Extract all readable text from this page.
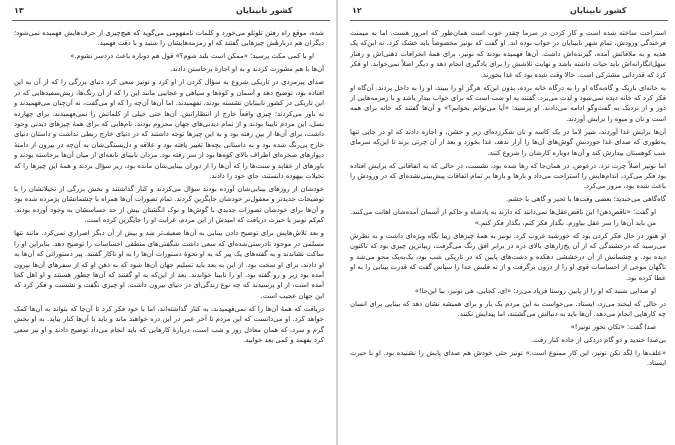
۱۳	کشور نابینایان

شده، موقع راه رفتن تلوتلو می‌خورد و کلمات نامفهومی می‌گوید که هیچ‌چیزی از حرف‌هایش فهمیده نمی‌شود؛ دیگران هم دربارهٔش چیزهایی گفتند که او زمزمه‌هایشان را شنید و با دقت فهمید.

او با کمی مکث پرسید: «ممکن است بلند شوم؟» قول هم دوباره باعث دردسر نشوم.»

آن‌ها با هم مشورت کردند و به او اجازهٔ برخاستن دادند.

صدای پیرمردی در تاریکی شروع به سؤال کردن از او کرد و نونیز سعی کرد دنیای بزرگی را که از آن به این افتاده بود، توضیح دهد و آسمان و کوه‌ها و سیاهی و عجایبی مانند این را که از آن رنگ‌ها، ریش‌سفیدهایی که در این تاریکی در کشور نابینایان نشسته بودند، نفهمیدند. اما آن‌ها آن‌چه را که او می‌گفت، نه آن‌چنان می‌فهمیدند و نه باور می‌کردند؛ چیزی واقعاً خارج از انتظاراتش. آن‌ها حتی خیلی از کلماتش را نمی‌فهمیدند. برای چهارده نسل، این مردم نابینا بودند و از تمام دیدنی‌های جهان محروم بودند. نام‌هایی که برای همهٔ چیزهای دیدنی وجود داشت، برای آن‌ها از بین رفته بود و به این چیزها توجه داشتند که در دنیای خارج ربطی نداشت و داستان دنیای خارج پی‌رنگ شده بود و به داستانی بچه‌ها تغییر یافته بود و علاقه و دل‌بستگی‌شان به آن‌چه در بیرون از دامنهٔ دیوارهای صخره‌ای اطراف بالای کوه‌ها بود از سر رفته بود. مردان نابینای نابغه‌ای از میان آن‌ها برخاسته بودند و باورهای از عقاید و سنت‌ها را که آن‌ها را از دوران بینایی‌شان مانده بود، زیر سؤال بردند و همهٔ این چیزها را که تخیلات بیهوده دانستند، جای خود را دادند.

خودشان از روزهای بینایی‌شان آورده بودند سؤال می‌کردند و کنار گذاشتند و بخش بزرگی از تخیلاتشان را با توضیحات جدیدتر و معقول‌تر خودشان جایگزین کردند. تمام تصورات آن‌ها همراه با چشمانشان پژمرده شده بود و آن‌ها برای خودشان تصورات جدیدی با گوش‌ها و نوک انگشتان بیش از حد حساسشان به وجود آورده بودند. کم‌کم نونیز با حیرت دریافت که امیدش از این مردم، غرابت او را جایگزین کرده است.

و بعد تلاش‌هایش برای توضیح دادن بینایی به آن‌ها ضعیف‌تر شد و بیش از آن دیگر اصراری نمی‌کرد. مانند تنها مسلمی در موجود نادرستی‌شده‌ای که سعی داشت شگفتی‌های منطقی احساسات را توضیح دهد. بنابراین او را ساکت نشاندند و به گفته‌های یک پیر که به او نحوهٔ دستورات آن‌ها را به او ناکار گفتند. پیر دستوراتی که آن‌ها به او دادند، برای او سخت بود. از این به بعد باید تسلیم جهان آن‌ها شود که به ذهن او که از سفرهای آن‌ها بیرون آمده بود زیر و رو گفته بود. او را نابینا خواندند. بعد از این‌که به او گفتند که آن‌ها چطور هستند و او اهل کجا آمده است، از او پرسیدند که چه نوع زندگی‌ای در دنیای بیرون داشت. او چیزی نگفت و نشست و فکر کرد که این جهان عجیب است.

دریافت که همهٔ آن‌ها را که نمی‌فهمیدند، به کنار گذاشته‌اند، اما با خود فکر کرد تا آن‌جا که بتواند به آن‌ها کمک خواهد کرد. او می‌دانست که این مردم تا آخر عمر در این دره خواهند ماند و باید با آن‌ها کنار بیاید. به او بخش گرم و سرد، که همان معادل روز و شب است، دربارهٔ کارهایی که باید انجام می‌داد توضیح دادند و او نیز سعی کرد بفهمد و کمی بعد خوابید.

۱۲	کشور نابینایان

استراحت ساخته شده است و کار کردن در سرما چقدر خوب است همان‌طور که امروز هست. اما به میمنت فرخندگی ورودش، تمام شهر نابینایان در خواب بوده اند. او گفت که نونیز مخصوصاً باید خشک کرد، نه این‌که یک هدیه و به ملاقاتش آمده، گیرنده‌اش داشت. آن‌ها فهمیده بودند که نونیز، برای همهٔ انحرافات ذهنی‌اش و رفتار سهل‌انگارانه‌اش باید حیات داشته باشد و نهایت تلاشش را برای یادگیری انجام دهد و دیگر اصلاً نمی‌خوابد. او فکر کرد که قدردانی مشترکی است. حالا وقت شده بود که غذا بخورند.

به خانه‌ای باریک و گاه‌به‌گاه او را به درگاه خانه برده، بدون این‌که هرگز او را ببیند، او را به داخل بردند. آن‌گاه او فکر کرد که خانه دیده نمی‌شود و لذت می‌برد. گفتند به او شب است که برای خواب بیدار باشد و با زمزمه‌هایی از دور و از نزدیک به گفت‌وگو ادامه می‌دادند. او پرسید: «آیا می‌توانم بخوابم؟» و آن‌ها گفتند که خانه برای همه است و نان و میوه را برایش آوردند.

آن‌ها برایش غذا آوردند، شیر لاما در یک کاسه و نان شکرزده‌ای زیر و خشن، و اجازه دادند که او در جایی تنها به‌طوری که صدای غذا خوردنش گوش‌های آن‌ها را آزار ندهد، غذا بخورد و بعد از آن چرتی بزند تا این‌که سرمای شب کوهستان بیدارش کند و آن‌ها دوباره کارشان را شروع کنند.

اما نونیز اصلاً چرت نزد. درعوض، در همان‌جا که رها شده بود، نشست، در حالی که به اتفاقاتی که برایش افتاده بود فکر می‌کرد، اندام‌هایش را استراحت می‌داد و بارها و بارها بر تمام اتفاقات پیش‌بینی‌نشده‌ای که در ورودش را باعث شده بود، مرور می‌کرد.

گاه‌گاهی می‌خندید؛ بعضی وقت‌ها با تحیر و گاهی با خشم.

او گفت: «ناقص‌ذهن! این ناقص‌عقل‌ها نمی‌دانند که دارند به پادشاه و حاکم از آسمان آمده‌شان اهانت می‌کنند. من باید آن‌ها را سر عقل بیاورم. بگذار فکر کنم، بگذار فکر کنم.»

او هنوز در حال فکر کردن بود که خورشید غروب کرد. نونیز به همهٔ چیزهای زیبا نگاه ویژه‌ای داشت و به نظرش می‌رسید که درخشندگی که از آن یخ‌زارهای بالای دره در برابر افق رنگ می‌گرفت، زیباترین چیزی بود که تاکنون دیده بود. و چشمانش از آن درخششی دهکده و دشت‌های پایین که در تاریکی شب بود، یک‌به‌یک محو می‌شد و ناگهان موجی از احساسات قوی او را از درون برگرفت و از ته قلبش خدا را سپاس گفت که قدرت بینایی را به او عطا کرده بود.

او صدایی شنید که او را از پایین روستا فریاد می‌زد: «ای، کجایی، هی نونیز، بیا این‌جا!»

در حالی که لبخند می‌زد، ایستاد. می‌خواست به این مردم یک بار و برای همیشه نشان دهد که بینایی برای انسان چه کارهایی انجام می‌دهد. آن‌ها باید به دنبالش می‌گشتند، اما پیدایش نکنند.

صدا گفت: «تکان نخور نونیز!»

بی‌صدا خندید و دو گام دزدکی از جاده کنار رفت.

«علف‌ها را لگد نکن نونیز، این کار ممنوع است.» نونیز حتی خودش هم صدای پایش را نشنیده بود. او با حیرت ایستاد.
